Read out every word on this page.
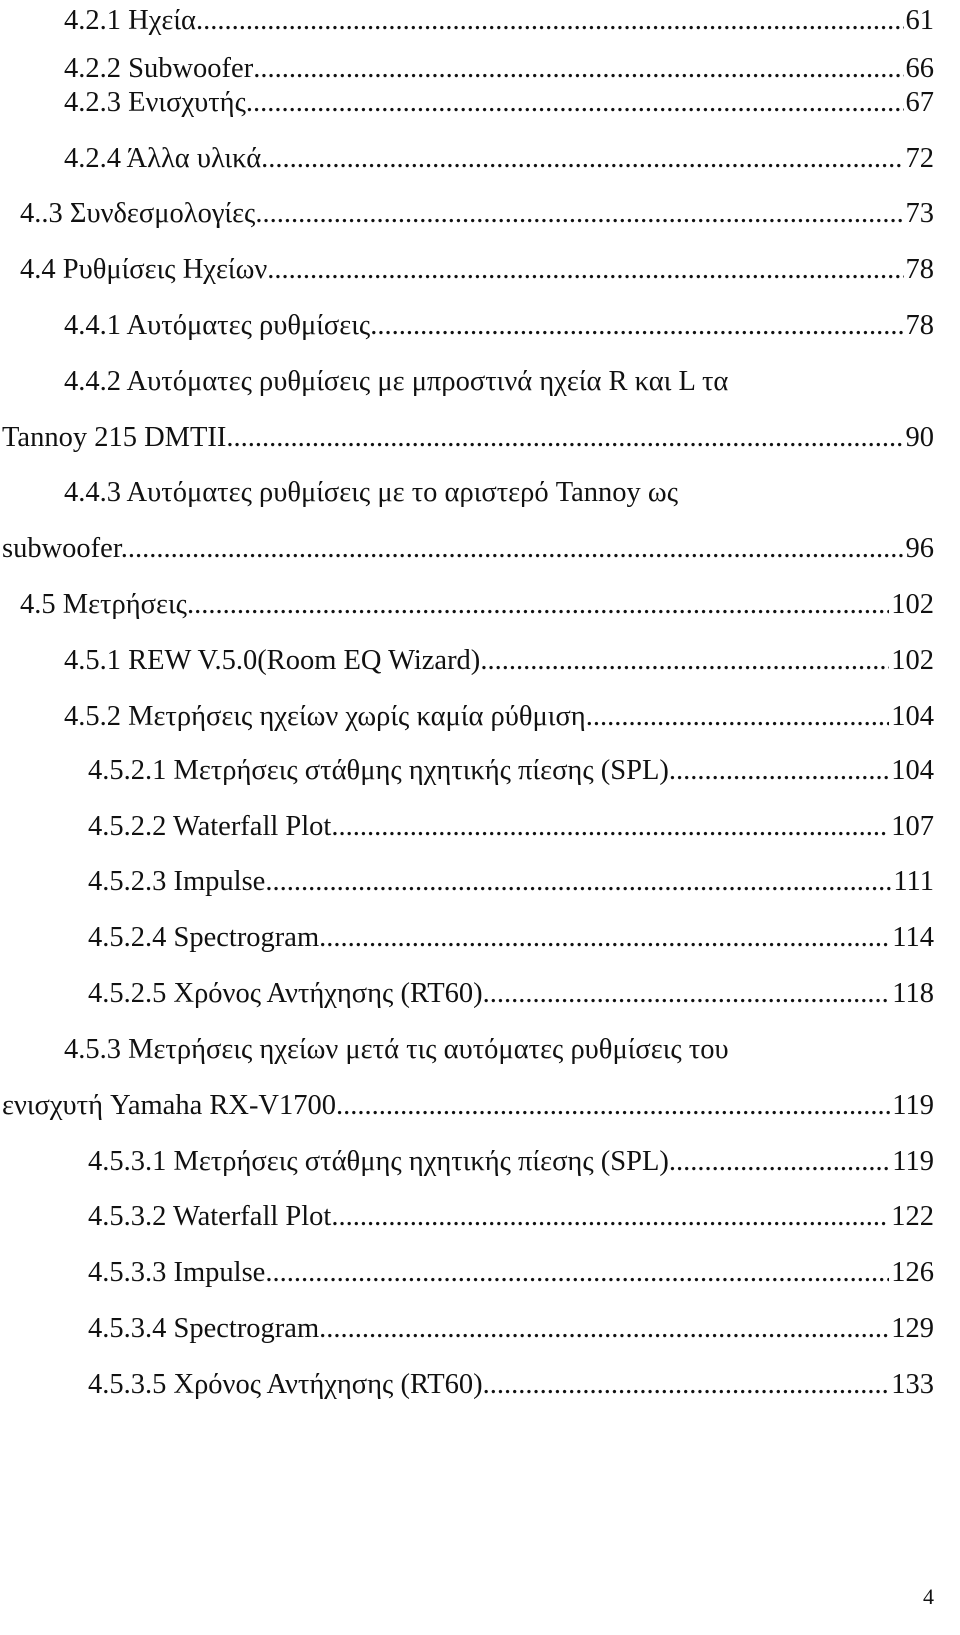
4.2.1 Ηχεία .....	61
4.2.2 Subwoofer .....	66
4.2.3 Ενισχυτής .....	67
4.2.4 Άλλα υλικά .....	72
4..3 Συνδεσμολογίες .....	73
4.4 Ρυθμίσεις Ηχείων .....	78
4.4.1 Αυτόματες ρυθμίσεις .....	78
4.4.2 Αυτόματες ρυθμίσεις με μπροστινά ηχεία R και L τα
Tannoy 215 DMTII .....	90
4.4.3 Αυτόματες ρυθμίσεις με το αριστερό Tannoy ως
subwoofer. .....	96
4.5 Μετρήσεις .....	102
4.5.1 REW V.5.0(Room EQ Wizard) .....	102
4.5.2 Μετρήσεις ηχείων χωρίς καμία ρύθμιση .....	104
4.5.2.1 Μετρήσεις στάθμης ηχητικής πίεσης (SPL) .....	104
4.5.2.2 Waterfall Plot .....	107
4.5.2.3 Impulse .....	111
4.5.2.4 Spectrogram .....	114
4.5.2.5 Χρόνος Αντήχησης (RT60) .....	118
4.5.3 Μετρήσεις ηχείων μετά τις αυτόματες ρυθμίσεις του
ενισχυτή Yamaha RX-V1700 .....	119
4.5.3.1 Μετρήσεις στάθμης ηχητικής πίεσης (SPL) .....	119
4.5.3.2 Waterfall Plot .....	122
4.5.3.3 Impulse .....	126
4.5.3.4 Spectrogram .....	129
4.5.3.5 Χρόνος Αντήχησης (RT60) .....	133
4
